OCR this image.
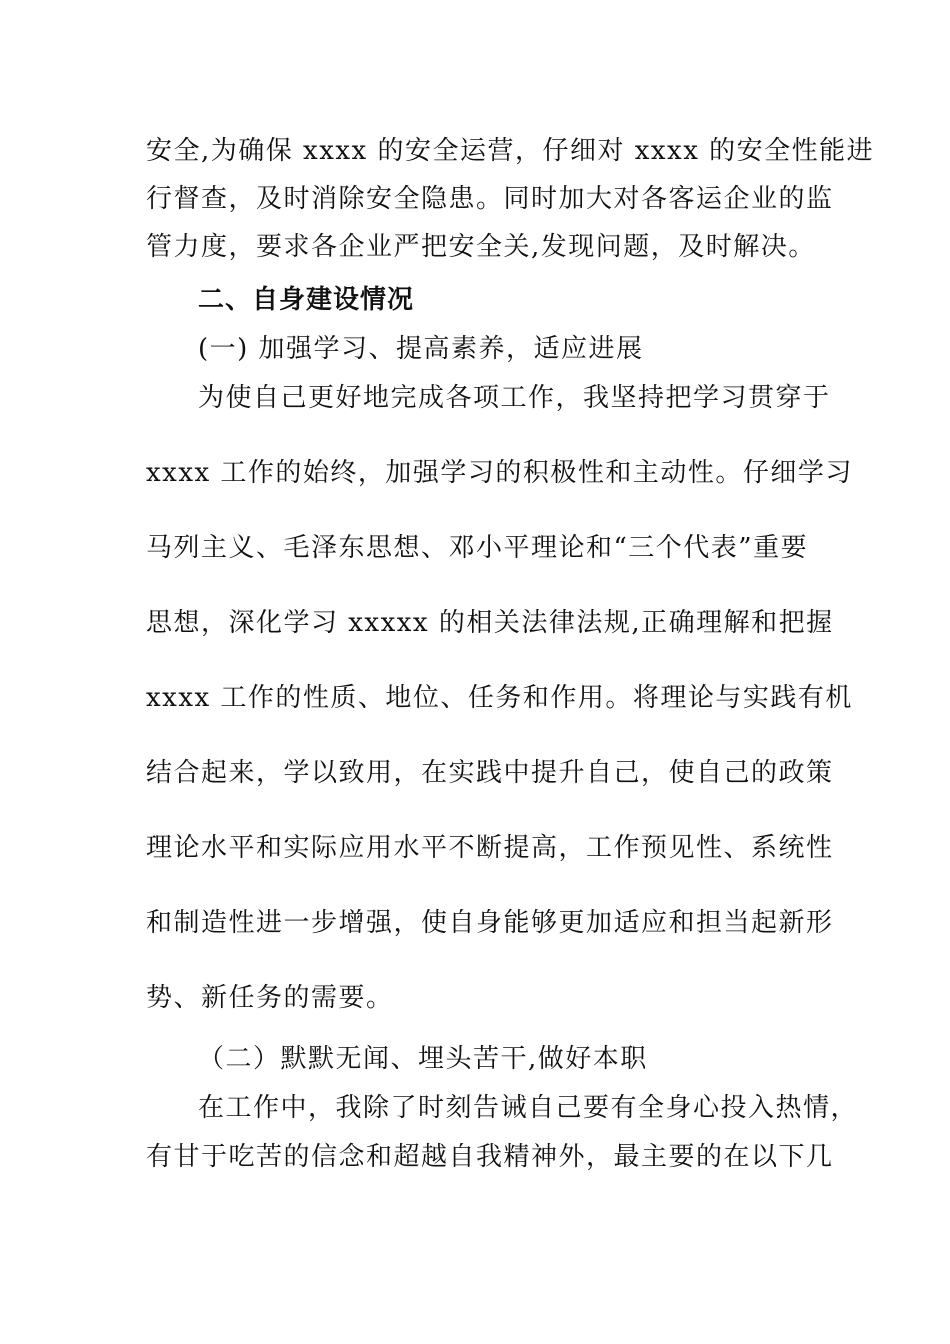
安全,为确保 xxxx 的安全运营，仔细对 xxxx 的安全性能进
行督查，及时消除安全隐患。同时加大对各客运企业的监
管力度，要求各企业严把安全关,发现问题，及时解决。
二、自身建设情况
(一) 加强学习、提高素养，适应进展
为使自己更好地完成各项工作，我坚持把学习贯穿于
xxxx 工作的始终，加强学习的积极性和主动性。仔细学习
马列主义、毛泽东思想、邓小平理论和“三个代表”重要
思想，深化学习 xxxxx 的相关法律法规,正确理解和把握
xxxx 工作的性质、地位、任务和作用。将理论与实践有机
结合起来，学以致用，在实践中提升自己，使自己的政策
理论水平和实际应用水平不断提高，工作预见性、系统性
和制造性进一步增强，使自身能够更加适应和担当起新形
势、新任务的需要。
（二）默默无闻、埋头苦干,做好本职
在工作中，我除了时刻告诫自己要有全身心投入热情，
有甘于吃苦的信念和超越自我精神外，最主要的在以下几
